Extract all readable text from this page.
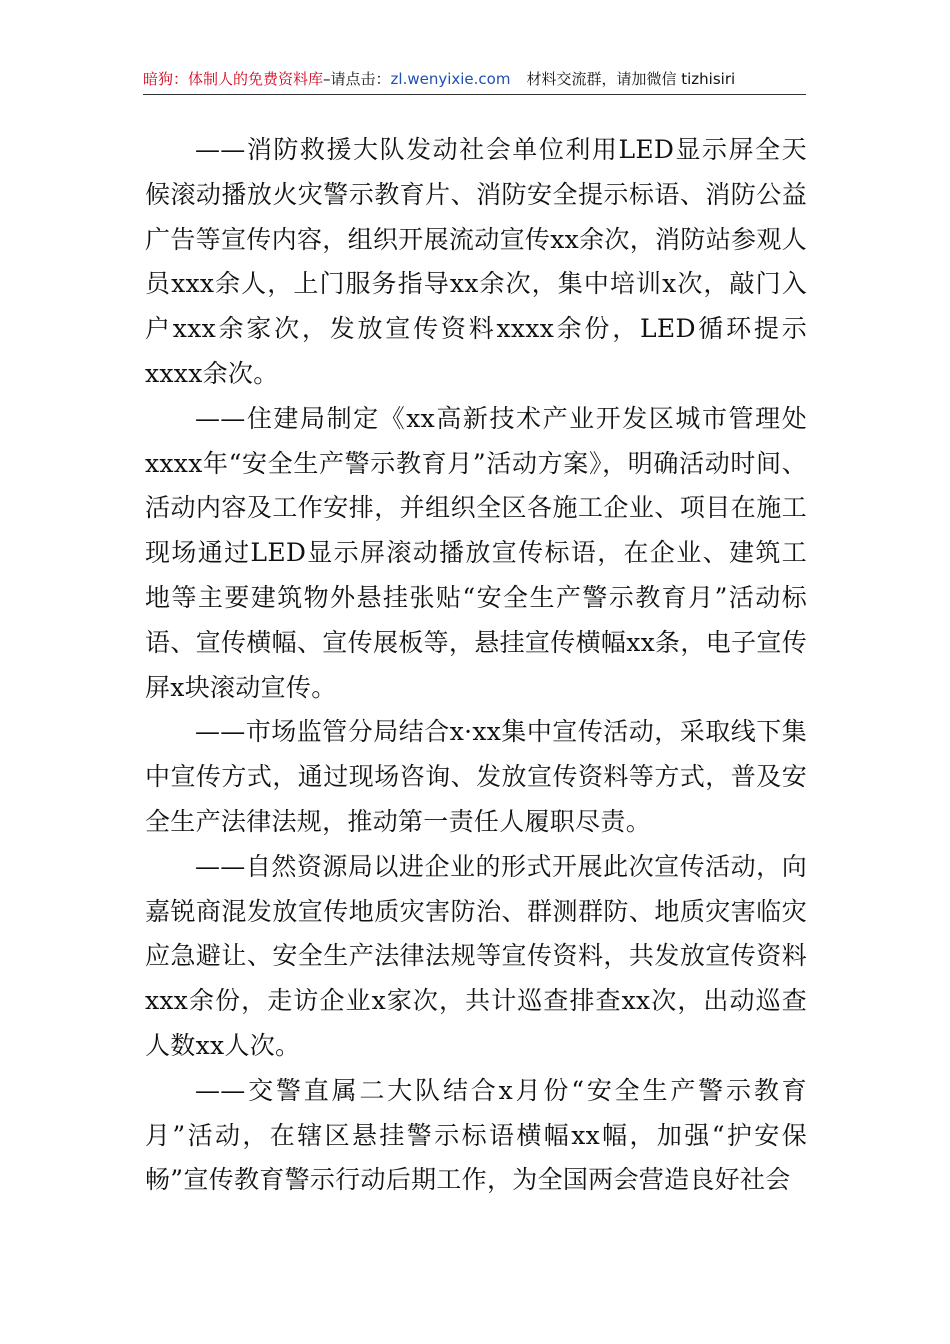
暗狗：体制人的免费资料库–请点击：zl.wenyixie.com 材料交流群，请加微信 tizhisiri

——消防救援大队发动社会单位利用LED显示屏全天候滚动播放火灾警示教育片、消防安全提示标语、消防公益广告等宣传内容，组织开展流动宣传xx余次，消防站参观人员xxx余人，上门服务指导xx余次，集中培训x次，敲门入户xxx余家次，发放宣传资料xxxx余份，LED循环提示xxxx余次。

——住建局制定《xx高新技术产业开发区城市管理处xxxx年“安全生产警示教育月”活动方案》，明确活动时间、活动内容及工作安排，并组织全区各施工企业、项目在施工现场通过LED显示屏滚动播放宣传标语，在企业、建筑工地等主要建筑物外悬挂张贴“安全生产警示教育月”活动标语、宣传横幅、宣传展板等，悬挂宣传横幅xx条，电子宣传屏x块滚动宣传。

——市场监管分局结合x·xx集中宣传活动，采取线下集中宣传方式，通过现场咨询、发放宣传资料等方式，普及安全生产法律法规，推动第一责任人履职尽责。

——自然资源局以进企业的形式开展此次宣传活动，向嘉锐商混发放宣传地质灾害防治、群测群防、地质灾害临灾应急避让、安全生产法律法规等宣传资料，共发放宣传资料xxx余份，走访企业x家次，共计巡查排查xx次，出动巡查人数xx人次。

——交警直属二大队结合x月份“安全生产警示教育月”活动，在辖区悬挂警示标语横幅xx幅，加强“护安保畅”宣传教育警示行动后期工作，为全国两会营造良好社会
